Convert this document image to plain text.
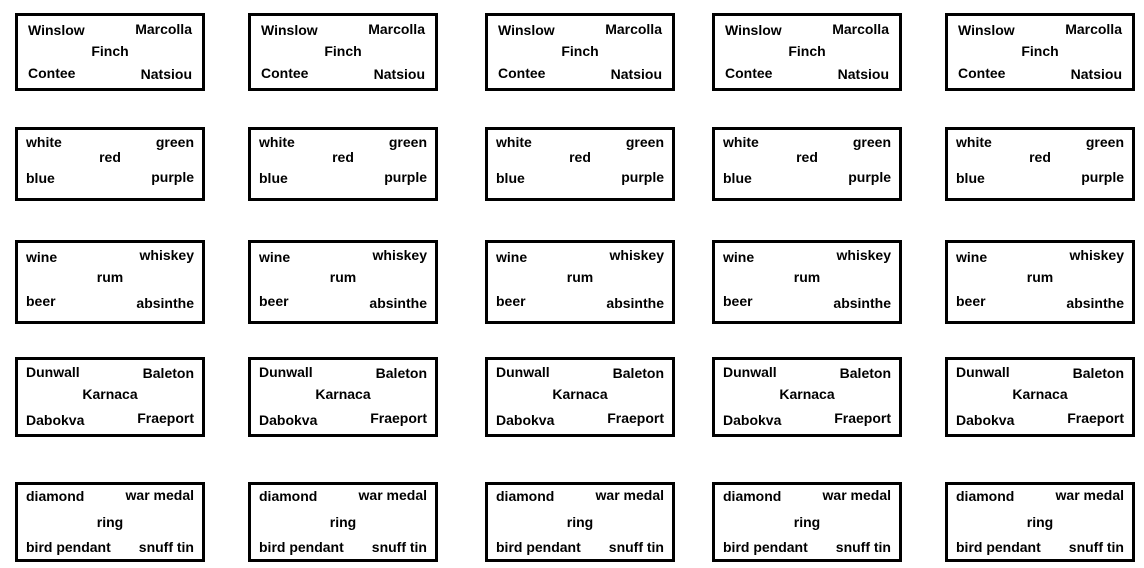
Winslow	Marcolla
Finch
Contee	Natsiou
Winslow	Marcolla
Finch
Contee	Natsiou
Winslow	Marcolla
Finch
Contee	Natsiou
Winslow	Marcolla
Finch
Contee	Natsiou
Winslow	Marcolla
Finch
Contee	Natsiou
white	green
red
blue	purple
white	green
red
blue	purple
white	green
red
blue	purple
white	green
red
blue	purple
white	green
red
blue	purple
wine	whiskey
rum
beer	absinthe
wine	whiskey
rum
beer	absinthe
wine	whiskey
rum
beer	absinthe
wine	whiskey
rum
beer	absinthe
wine	whiskey
rum
beer	absinthe
Dunwall	Baleton
Karnaca
Dabokva	Fraeport
Dunwall	Baleton
Karnaca
Dabokva	Fraeport
Dunwall	Baleton
Karnaca
Dabokva	Fraeport
Dunwall	Baleton
Karnaca
Dabokva	Fraeport
Dunwall	Baleton
Karnaca
Dabokva	Fraeport
diamond	war medal
ring
bird pendant snuff tin
diamond	war medal
ring
bird pendant snuff tin
diamond	war medal
ring
bird pendant snuff tin
diamond	war medal
ring
bird pendant snuff tin
diamond	war medal
ring
bird pendant snuff tin
